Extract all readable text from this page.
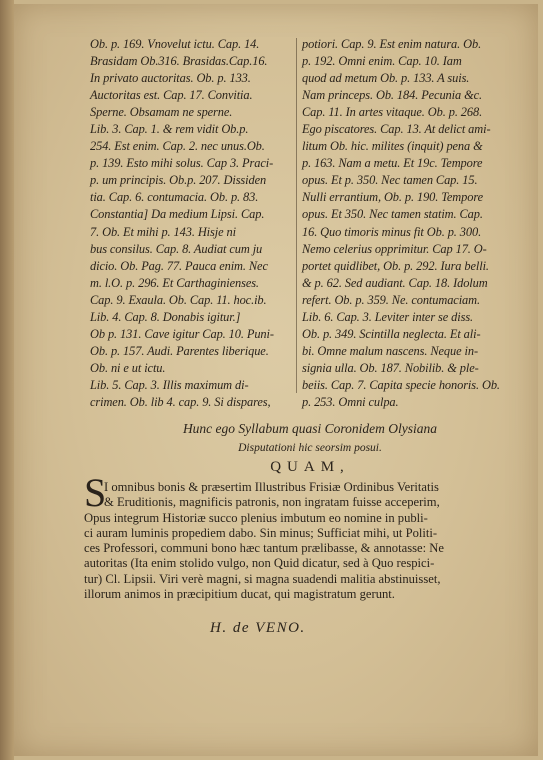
Ob. p. 169. Vnovelut ictu. Cap. 14.
Brasidam Ob.316. Brasidas.Cap.16.
In privato auctoritas. Ob. p. 133.
Auctoritas est. Cap. 17. Convitia.
Sperne. Obsamam ne sperne.
Lib. 3. Cap. 1. & rem vidit Ob.p.
254. Est enim. Cap. 2. nec unus.Ob.
p. 139. Esto mihi solus. Cap 3. Praci-
p. um principis. Ob.p. 207. Dissiden
tia. Cap. 6. contumacia. Ob. p. 83.
Constantia] Da medium Lipsi. Cap.
7. Ob. Et mihi p. 143. Hisje ni
bus consilus. Cap. 8. Audiat cum ju
dicio. Ob. Pag. 77. Pauca enim. Nec
m. l.O. p. 296. Et Carthaginienses.
Cap. 9. Exaula. Ob. Cap. 11. hoc.ib.
Lib. 4. Cap. 8. Donabis igitur.]
Ob p. 131. Cave igitur Cap. 10. Puni-
Ob. p. 157. Audi. Parentes liberique.
Ob. ni e ut ictu.
Lib. 5. Cap. 3. Illis maximum di-
crimen. Ob. lib 4. cap. 9. Si dispares,
potiori. Cap. 9. Est enim natura. Ob.
p. 192. Omni enim. Cap. 10. Iam
quod ad metum Ob. p. 133. A suis.
Nam princeps. Ob. 184. Pecunia &c.
Cap. 11. In artes vitaque. Ob. p. 268.
Ego piscatores. Cap. 13. At delict ami-
litum Ob. hic. milites (inquit) pena &
p. 163. Nam a metu. Et 19c. Tempore
opus. Et p. 350. Nec tamen Cap. 15.
Nulli errantium, Ob. p. 190. Tempore
opus. Et 350. Nec tamen statim. Cap.
16. Quo timoris minus fit Ob. p. 300.
Nemo celerius opprimitur. Cap 17. O-
portet quidlibet, Ob. p. 292. Iura belli.
& p. 62. Sed audiant. Cap. 18. Idolum
refert. Ob. p. 359. Ne. contumaciam.
Lib. 6. Cap. 3. Leviter inter se diss.
Ob. p. 349. Scintilla neglecta. Et ali-
bi. Omne malum nascens. Neque in-
signia ulla. Ob. 187. Nobilib. & ple-
beiis. Cap. 7. Capita specie honoris. Ob.
p. 253. Omni culpa.
Hunc ego Syllabum quasi Coronidem Olysiana
Disputationi hic seorsim posui.
QUAM,
S
I omnibus bonis & præsertim Illustribus Frisiæ Ordinibus Veritatis
& Eruditionis, magnificis patronis, non ingratam fuisse acceperim,
Opus integrum Historiæ succo plenius imbutum eo nomine in publi-
ci auram luminis propediem dabo. Sin minus; Sufficiat mihi, ut Politi-
ces Professori, communi bono hæc tantum prælibasse, & annotasse: Ne
autoritas (Ita enim stolido vulgo, non Quid dicatur, sed à Quo respici-
tur) Cl. Lipsii. Viri verè magni, si magna suadendi malitia abstinuisset,
illorum animos in præcipitium ducat, qui magistratum gerunt.
H. de VENO.
